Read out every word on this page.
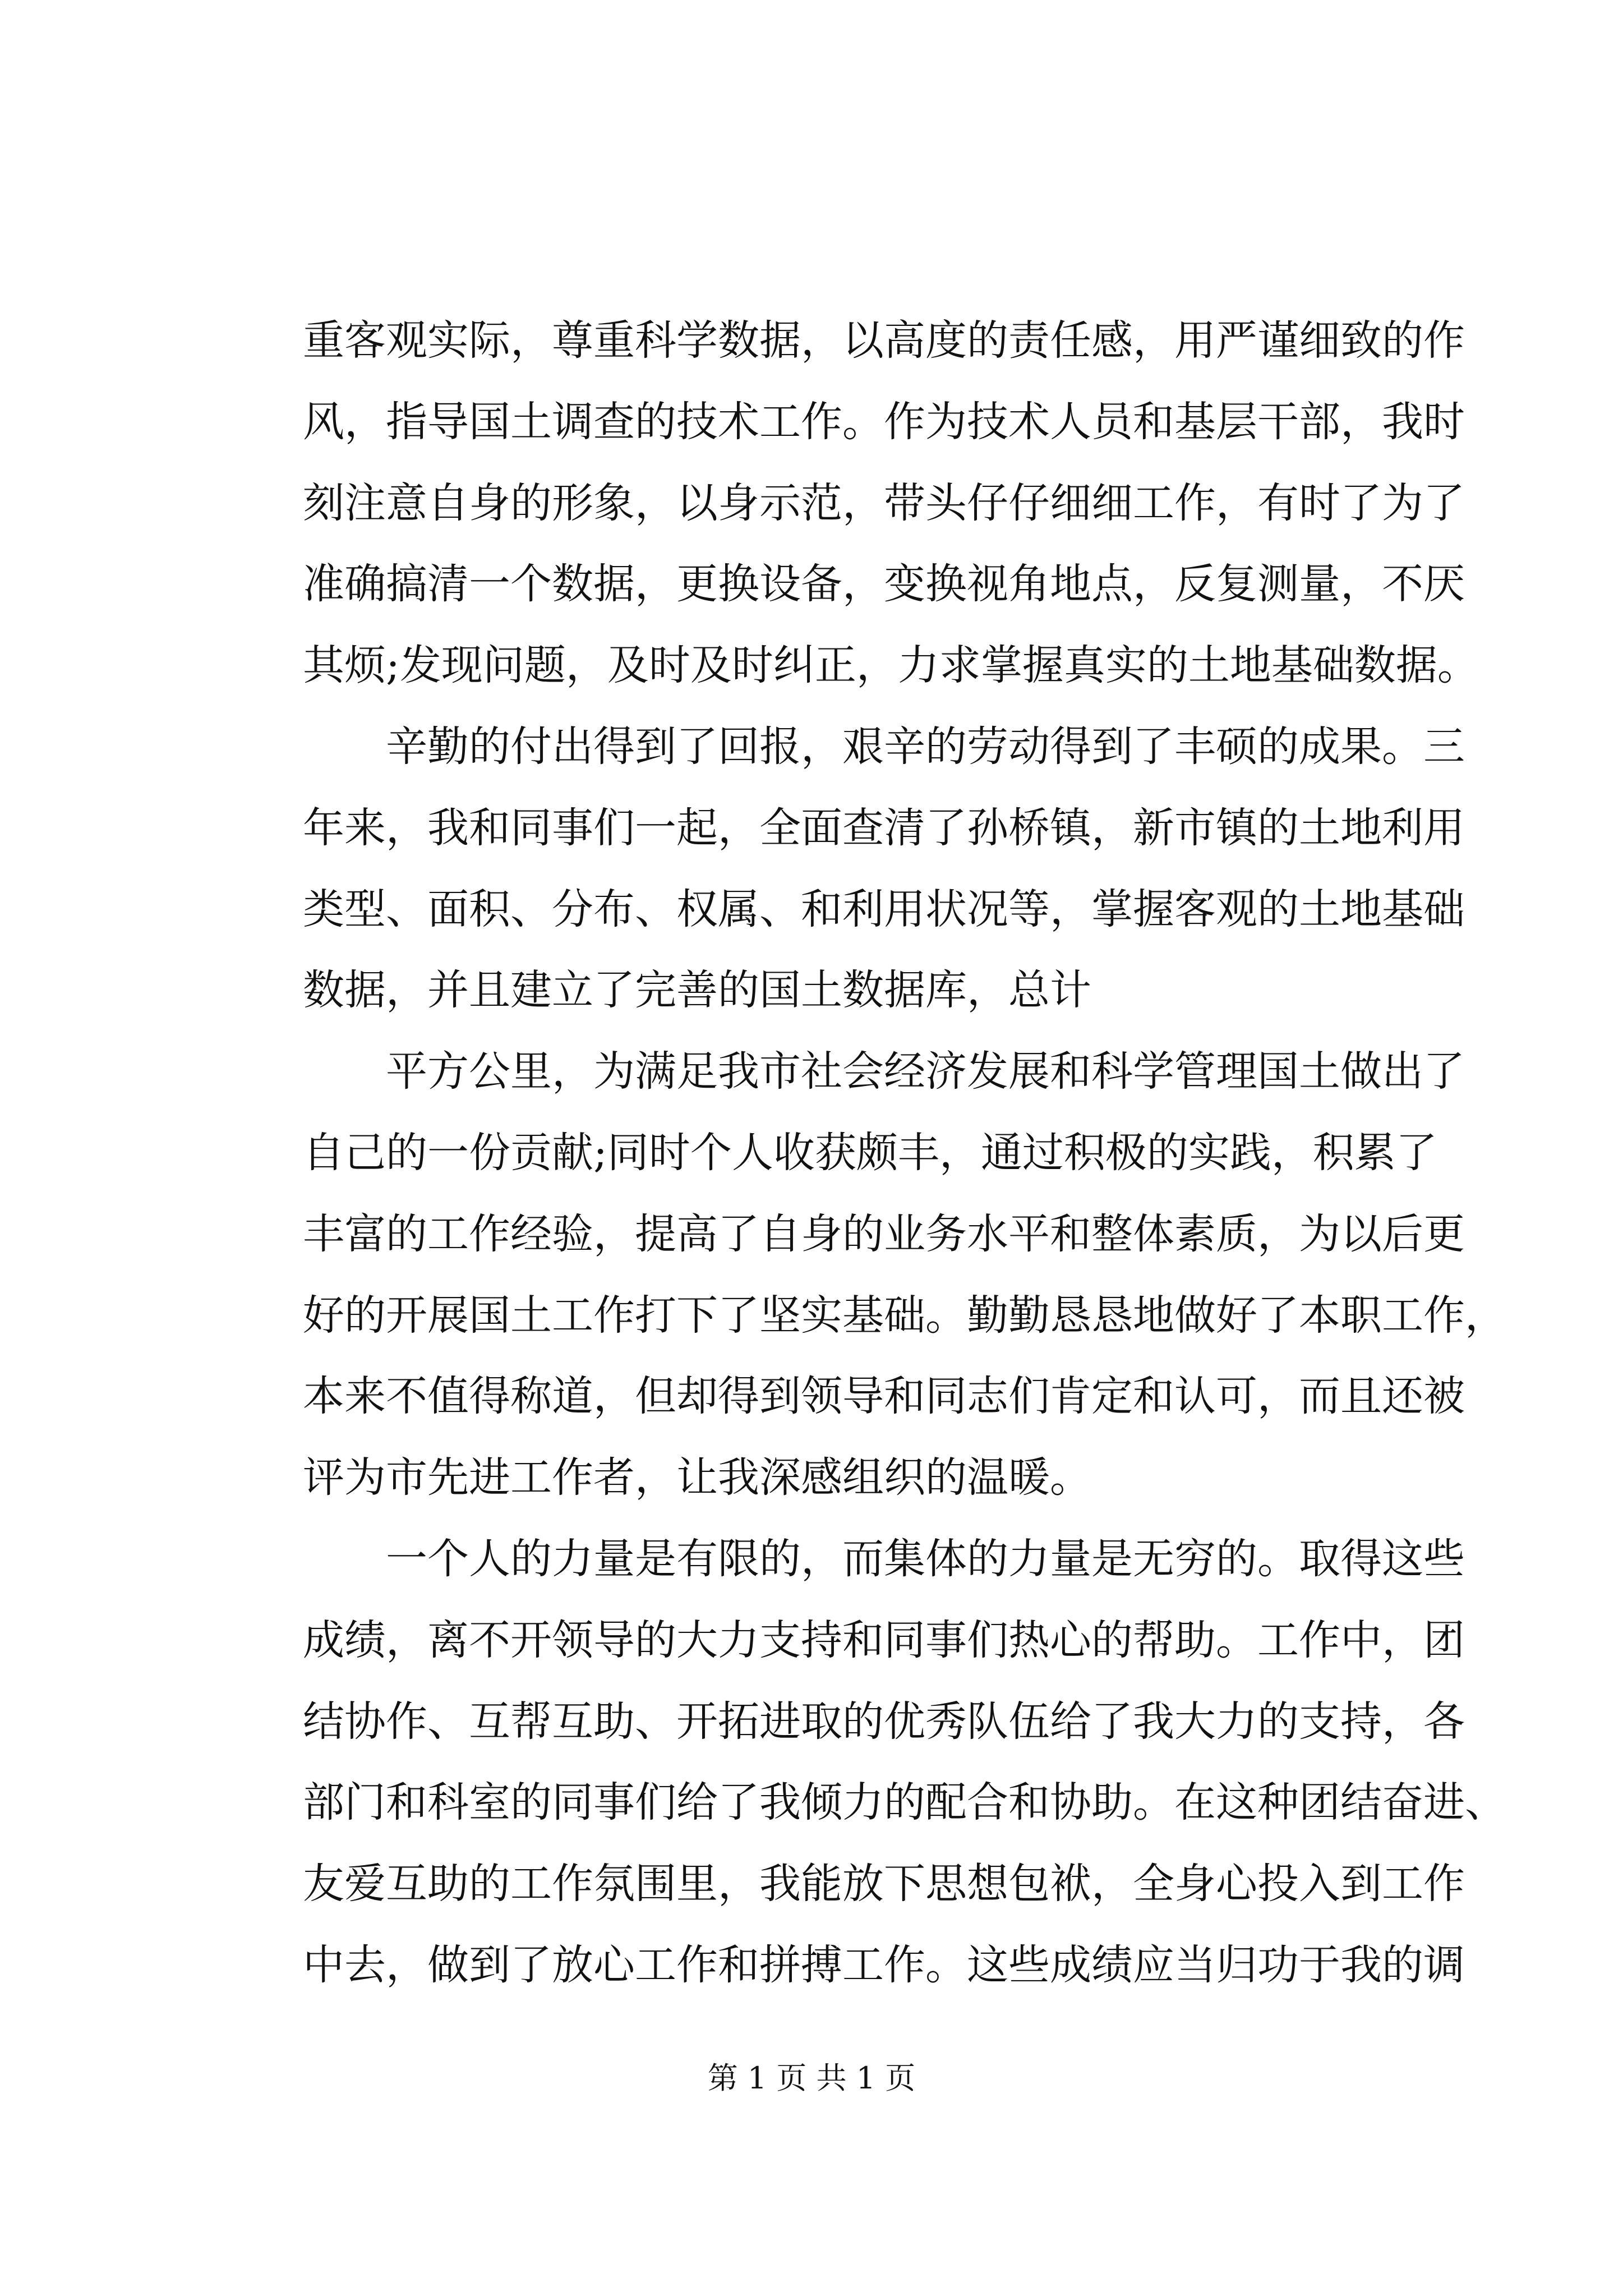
重客观实际，尊重科学数据，以高度的责任感，用严谨细致的作
风，指导国土调查的技术工作。作为技术人员和基层干部，我时
刻注意自身的形象，以身示范，带头仔仔细细工作，有时了为了
准确搞清一个数据，更换设备，变换视角地点，反复测量，不厌
其烦;发现问题，及时及时纠正，力求掌握真实的土地基础数据。
辛勤的付出得到了回报，艰辛的劳动得到了丰硕的成果。三
年来，我和同事们一起，全面查清了孙桥镇，新市镇的土地利用
类型、面积、分布、权属、和利用状况等，掌握客观的土地基础
数据，并且建立了完善的国土数据库，总计
平方公里，为满足我市社会经济发展和科学管理国土做出了
自己的一份贡献;同时个人收获颇丰，通过积极的实践，积累了
丰富的工作经验，提高了自身的业务水平和整体素质，为以后更
好的开展国土工作打下了坚实基础。勤勤恳恳地做好了本职工作，
本来不值得称道，但却得到领导和同志们肯定和认可，而且还被
评为市先进工作者，让我深感组织的温暖。
一个人的力量是有限的，而集体的力量是无穷的。取得这些
成绩，离不开领导的大力支持和同事们热心的帮助。工作中，团
结协作、互帮互助、开拓进取的优秀队伍给了我大力的支持，各
部门和科室的同事们给了我倾力的配合和协助。在这种团结奋进、
友爱互助的工作氛围里，我能放下思想包袱，全身心投入到工作
中去，做到了放心工作和拼搏工作。这些成绩应当归功于我的调
第 1 页 共 1 页
